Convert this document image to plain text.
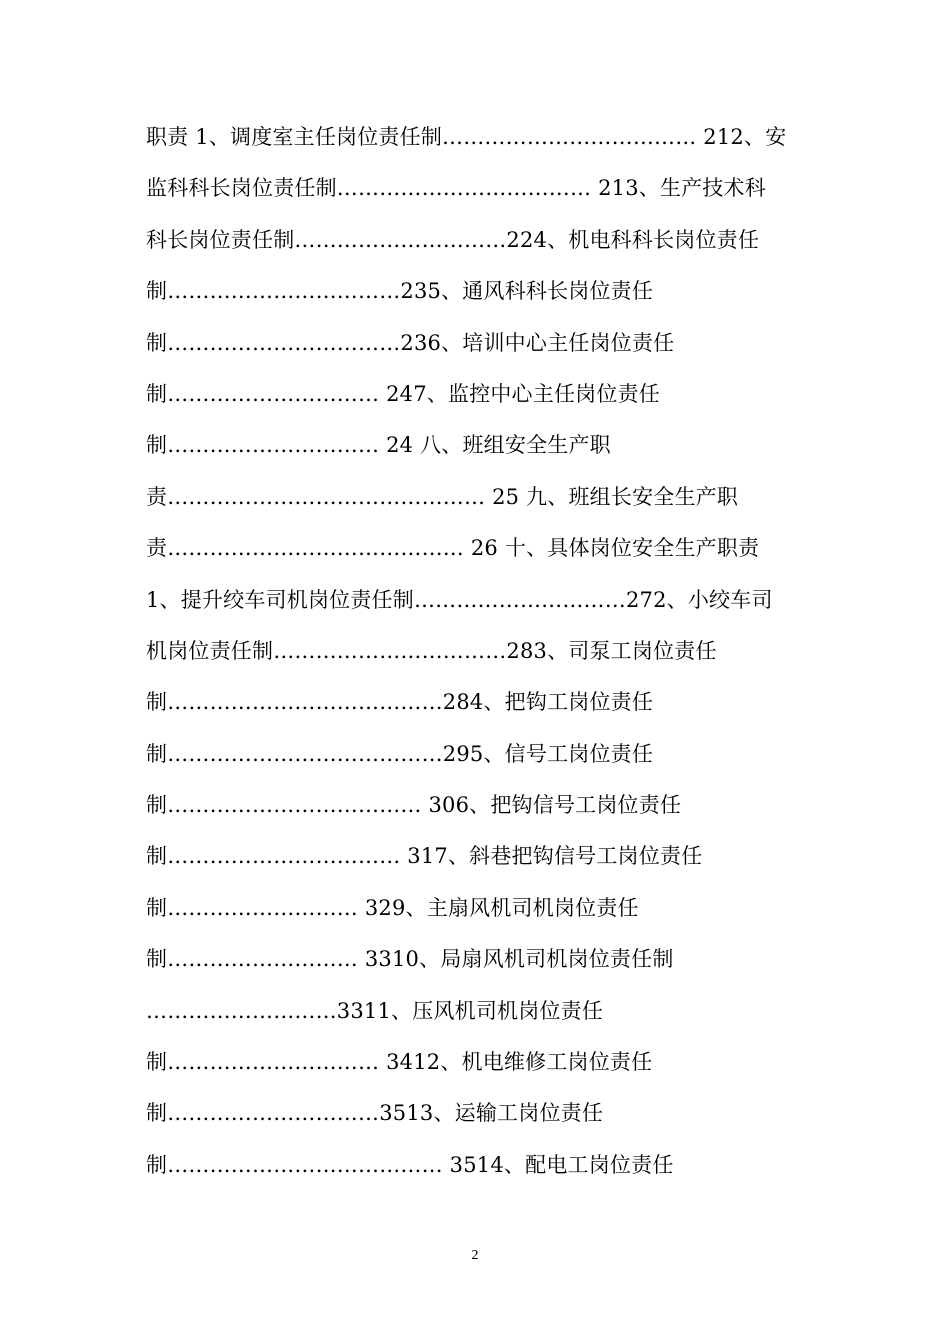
职责 1、调度室主任岗位责任制……………………………… 212、安
监科科长岗位责任制……………………………… 213、生产技术科
科长岗位责任制…………………………224、机电科科长岗位责任
制……………………………235、通风科科长岗位责任
制……………………………236、培训中心主任岗位责任
制………………………… 247、监控中心主任岗位责任
制………………………… 24 八、班组安全生产职
责……………………………………… 25 九、班组长安全生产职
责…………………………………… 26 十、具体岗位安全生产职责
1、提升绞车司机岗位责任制…………………………272、小绞车司
机岗位责任制……………………………283、司泵工岗位责任
制…………………………………284、把钩工岗位责任
制…………………………………295、信号工岗位责任
制……………………………… 306、把钩信号工岗位责任
制…………………………… 317、斜巷把钩信号工岗位责任
制……………………… 329、主扇风机司机岗位责任
制……………………… 3310、局扇风机司机岗位责任制
………………………3311、压风机司机岗位责任
制………………………… 3412、机电维修工岗位责任
制…………………………3513、运输工岗位责任
制………………………………… 3514、配电工岗位责任
2
